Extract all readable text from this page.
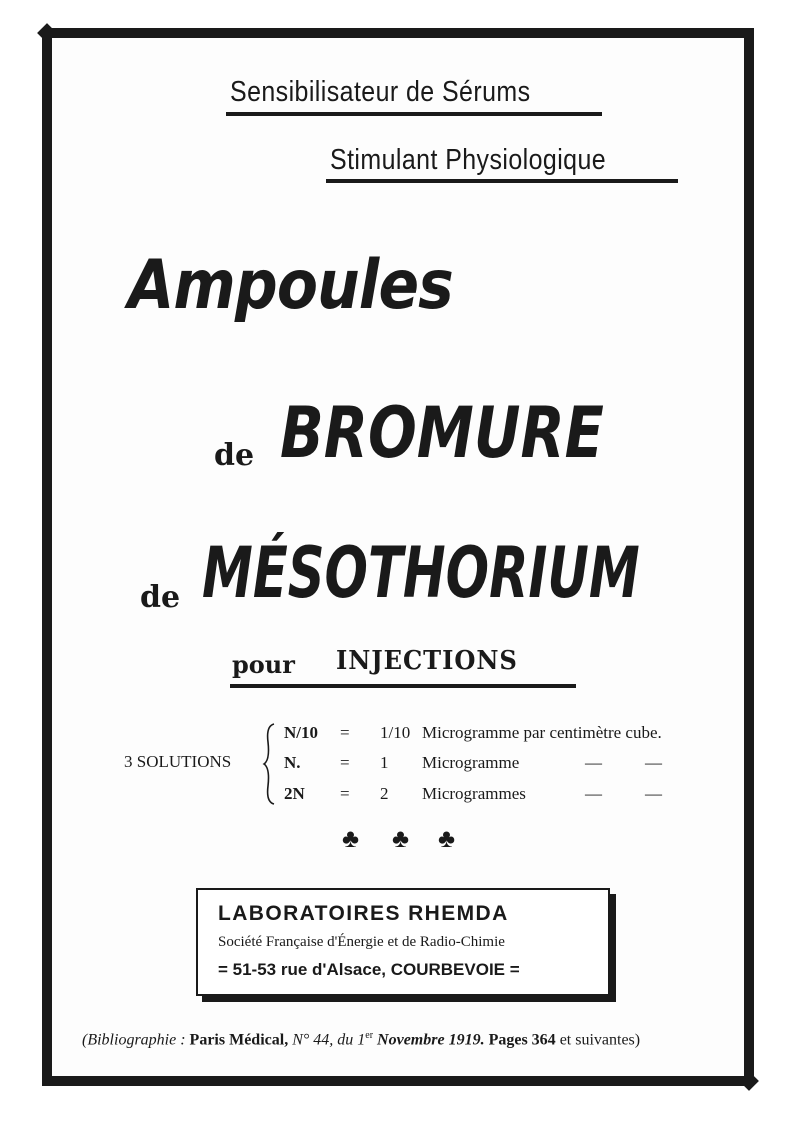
Sensibilisateur de Sérums
Stimulant Physiologique
Ampoules
de BROMURE
de MÉSOTHORIUM
pour INJECTIONS
3 SOLUTIONS
N/10 = 1/10 Microgramme par centimètre cube.
N. = 1 Microgramme	—	—
2N = 2 Microgrammes	—	—
♣ ♣ ♣
LABORATOIRES RHEMDA
Société Française d'Énergie et de Radio-Chimie
= 51-53 rue d'Alsace, COURBEVOIE =
(Bibliographie : Paris Médical, N° 44, du 1er Novembre 1919. Pages 364 et suivantes)
